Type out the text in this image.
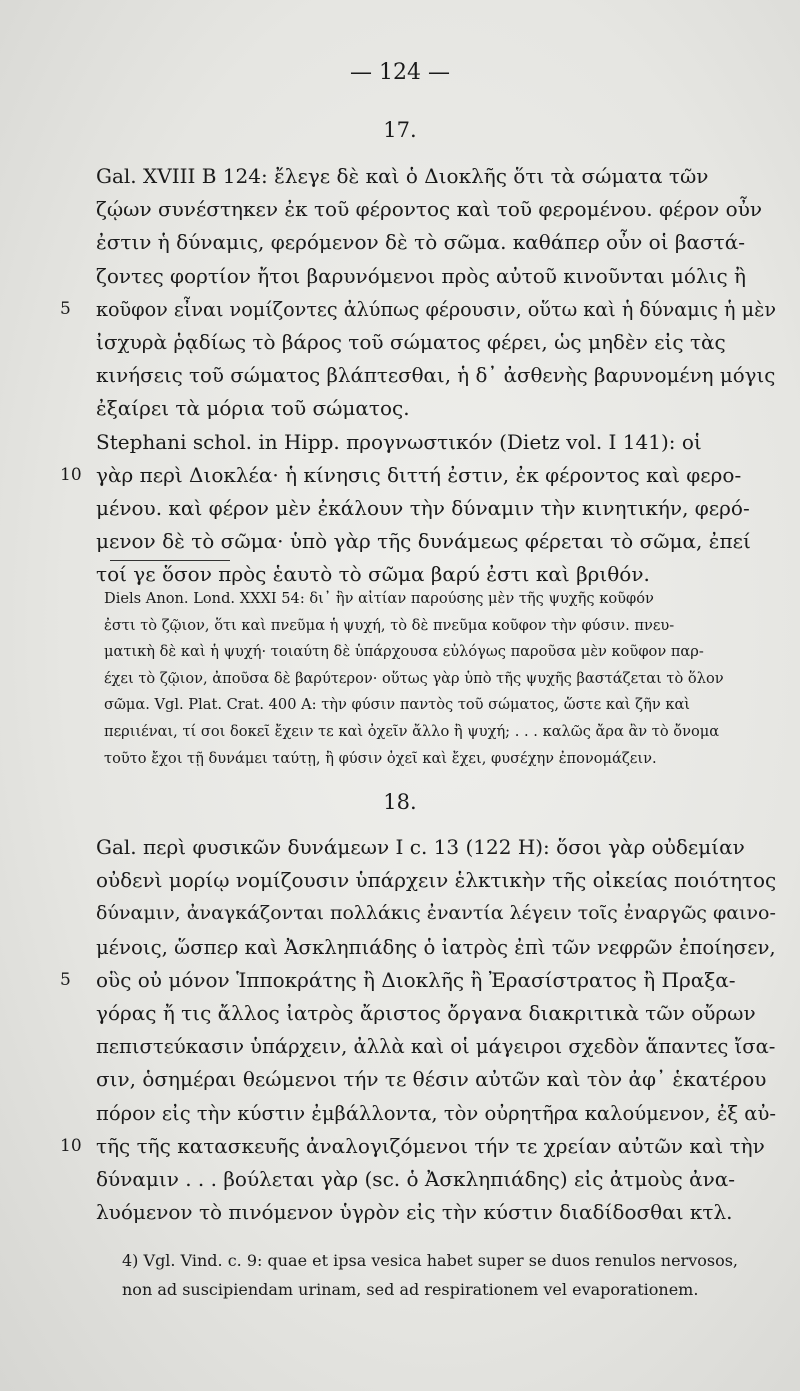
— 124 —
17.
Gal. XVIII B 124: ἔλεγε δὲ καὶ ὁ Διοκλῆς ὅτι τὰ σώματα τῶν
ζῴων συνέστηκεν ἐκ τοῦ φέροντος καὶ τοῦ φερομένου. φέρον οὖν
ἐστιν ἡ δύναμις, φερόμενον δὲ τὸ σῶμα. καθάπερ οὖν οἱ βαστά-
ζοντες φορτίον ἤτοι βαρυνόμενοι πρὸς αὐτοῦ κινοῦνται μόλις ἢ
5 κοῦφον εἶναι νομίζοντες ἀλύπως φέρουσιν, οὕτω καὶ ἡ δύναμις ἡ μὲν
ἰσχυρὰ ῥᾳδίως τὸ βάρος τοῦ σώματος φέρει, ὡς μηδὲν εἰς τὰς
κινήσεις τοῦ σώματος βλάπτεσθαι, ἡ δ᾽ ἀσθενὴς βαρυνομένη μόγις
ἐξαίρει τὰ μόρια τοῦ σώματος.
Stephani schol. in Hipp. προγνωστικόν (Dietz vol. I 141): οἱ
10 γὰρ περὶ Διοκλέα· ἡ κίνησις διττή ἐστιν, ἐκ φέροντος καὶ φερο-
μένου. καὶ φέρον μὲν ἐκάλουν τὴν δύναμιν τὴν κινητικήν, φερό-
μενον δὲ τὸ σῶμα· ὑπὸ γὰρ τῆς δυνάμεως φέρεται τὸ σῶμα, ἐπεί
τοί γε ὅσον πρὸς ἑαυτὸ τὸ σῶμα βαρύ ἐστι καὶ βριθόν.
Diels Anon. Lond. XXXI 54: δι᾽ ἣν αἰτίαν παρούσης μὲν τῆς ψυχῆς κοῦφόν
ἐστι τὸ ζῷιον, ὅτι καὶ πνεῦμα ἡ ψυχή, τὸ δὲ πνεῦμα κοῦφον τὴν φύσιν. πνευ-
ματικὴ δὲ καὶ ἡ ψυχή· τοιαύτη δὲ ὑπάρχουσα εὐλόγως παροῦσα μὲν κοῦφον παρ-
έχει τὸ ζῷιον, ἀποῦσα δὲ βαρύτερον· οὕτως γὰρ ὑπὸ τῆς ψυχῆς βαστάζεται τὸ ὅλον
σῶμα. Vgl. Plat. Crat. 400 A: τὴν φύσιν παντὸς τοῦ σώματος, ὥστε καὶ ζῆν καὶ
περιιέναι, τί σοι δοκεῖ ἔχειν τε καὶ ὀχεῖν ἄλλο ἢ ψυχή; . . . καλῶς ἄρα ἂν τὸ ὄνομα
τοῦτο ἔχοι τῇ δυνάμει ταύτῃ, ἢ φύσιν ὀχεῖ καὶ ἔχει, φυσέχην ἐπονομάζειν.
18.
Gal. περὶ φυσικῶν δυνάμεων I c. 13 (122 H): ὅσοι γὰρ οὐδεμίαν
οὐδενὶ μορίῳ νομίζουσιν ὑπάρχειν ἑλκτικὴν τῆς οἰκείας ποιότητος
δύναμιν, ἀναγκάζονται πολλάκις ἐναντία λέγειν τοῖς ἐναργῶς φαινο-
μένοις, ὥσπερ καὶ Ἀσκληπιάδης ὁ ἰατρὸς ἐπὶ τῶν νεφρῶν ἐποίησεν,
5 οὓς οὐ μόνον Ἱπποκράτης ἢ Διοκλῆς ἢ Ἐρασίστρατος ἢ Πραξα-
γόρας ἤ τις ἄλλος ἰατρὸς ἄριστος ὄργανα διακριτικὰ τῶν οὔρων
πεπιστεύκασιν ὑπάρχειν, ἀλλὰ καὶ οἱ μάγειροι σχεδὸν ἅπαντες ἴσα-
σιν, ὁσημέραι θεώμενοι τήν τε θέσιν αὐτῶν καὶ τὸν ἀφ᾽ ἑκατέρου
πόρον εἰς τὴν κύστιν ἐμβάλλοντα, τὸν οὐρητῆρα καλούμενον, ἐξ αὐ-
10 τῆς τῆς κατασκευῆς ἀναλογιζόμενοι τήν τε χρείαν αὐτῶν καὶ τὴν
δύναμιν . . . βούλεται γὰρ (sc. ὁ Ἀσκληπιάδης) εἰς ἀτμοὺς ἀνα-
λυόμενον τὸ πινόμενον ὑγρὸν εἰς τὴν κύστιν διαδίδοσθαι κτλ.
4) Vgl. Vind. c. 9: quae et ipsa vesica habet super se duos renulos nervosos,
non ad suscipiendam urinam, sed ad respirationem vel evaporationem.
